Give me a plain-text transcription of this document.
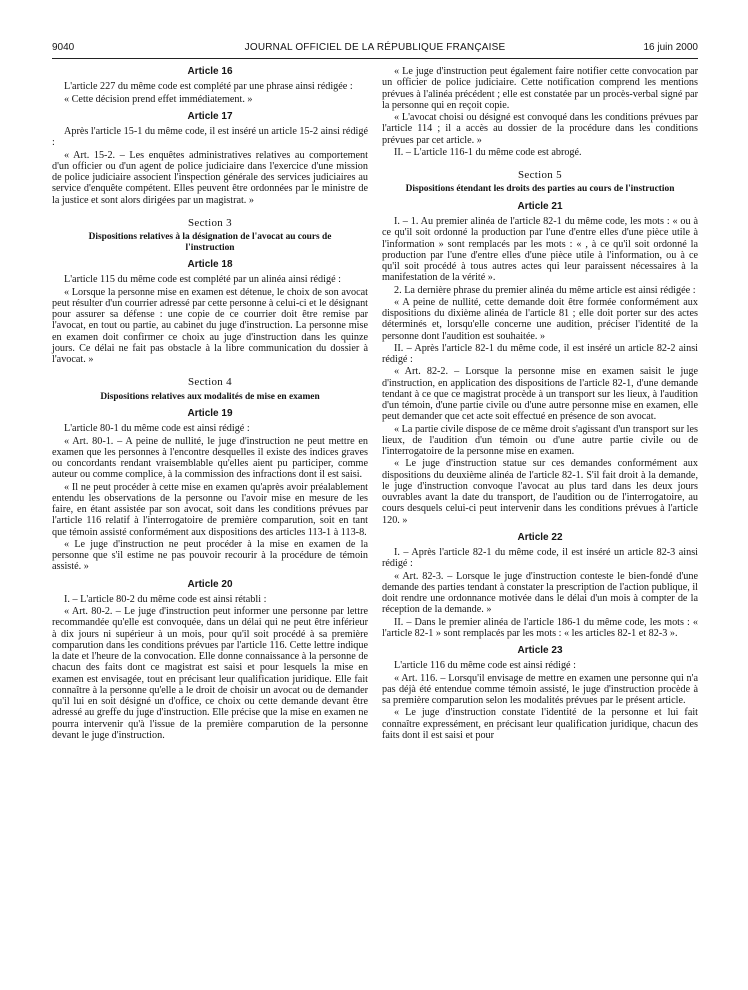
9040	JOURNAL OFFICIEL DE LA RÉPUBLIQUE FRANÇAISE	16 juin 2000
Article 16

L'article 227 du même code est complété par une phrase ainsi rédigée :

« Cette décision prend effet immédiatement. »

Article 17

Après l'article 15-1 du même code, il est inséré un article 15-2 ainsi rédigé :

« Art. 15-2. – Les enquêtes administratives relatives au comportement d'un officier ou d'un agent de police judiciaire dans l'exercice d'une mission de police judiciaire associent l'inspection générale des services judiciaires au service d'enquête compétent. Elles peuvent être ordonnées par le ministre de la justice et sont alors dirigées par un magistrat. »

Section 3
Dispositions relatives à la désignation de l'avocat au cours de l'instruction
Article 18

L'article 115 du même code est complété par un alinéa ainsi rédigé :

« Lorsque la personne mise en examen est détenue, le choix de son avocat peut résulter d'un courrier adressé par cette personne à celui-ci et le désignant pour assurer sa défense : une copie de ce courrier doit être remise par l'avocat, en tout ou partie, au cabinet du juge d'instruction. La personne mise en examen doit confirmer ce choix au juge d'instruction dans les quinze jours. Ce délai ne fait pas obstacle à la libre communication du dossier à l'avocat. »

Section 4
Dispositions relatives aux modalités de mise en examen
Article 19

L'article 80-1 du même code est ainsi rédigé :

« Art. 80-1. – A peine de nullité, le juge d'instruction ne peut mettre en examen que les personnes à l'encontre desquelles il existe des indices graves ou concordants rendant vraisemblable qu'elles aient pu participer, comme auteur ou comme complice, à la commission des infractions dont il est saisi.

« Il ne peut procéder à cette mise en examen qu'après avoir préalablement entendu les observations de la personne ou l'avoir mise en mesure de les faire, en étant assistée par son avocat, soit dans les conditions prévues par l'article 116 relatif à l'interrogatoire de première comparution, soit en tant que témoin assisté conformément aux dispositions des articles 113-1 à 113-8.

« Le juge d'instruction ne peut procéder à la mise en examen de la personne que s'il estime ne pas pouvoir recourir à la procédure de témoin assisté. »

Article 20

I. – L'article 80-2 du même code est ainsi rétabli :

« Art. 80-2. – Le juge d'instruction peut informer une personne par lettre recommandée qu'elle est convoquée, dans un délai qui ne peut être inférieur à dix jours ni supérieur à un mois, pour qu'il soit procédé à sa première comparution dans les conditions prévues par l'article 116. Cette lettre indique la date et l'heure de la convocation. Elle donne connaissance à la personne de chacun des faits dont ce magistrat est saisi et pour lesquels la mise en examen est envisagée, tout en précisant leur qualification juridique. Elle fait connaître à la personne qu'elle a le droit de choisir un avocat ou de demander qu'il lui en soit désigné un d'office, ce choix ou cette demande devant être adressé au greffe du juge d'instruction. Elle précise que la mise en examen ne pourra intervenir qu'à l'issue de la première comparution de la personne devant le juge d'instruction.

« Le juge d'instruction peut également faire notifier cette convocation par un officier de police judiciaire. Cette notification comprend les mentions prévues à l'alinéa précédent ; elle est constatée par un procès-verbal signé par la personne qui en reçoit copie.

« L'avocat choisi ou désigné est convoqué dans les conditions prévues par l'article 114 ; il a accès au dossier de la procédure dans les conditions prévues par cet article. »

II. – L'article 116-1 du même code est abrogé.

Section 5
Dispositions étendant les droits des parties au cours de l'instruction
Article 21

I. – 1. Au premier alinéa de l'article 82-1 du même code, les mots : « ou à ce qu'il soit ordonné la production par l'une d'entre elles d'une pièce utile à l'information » sont remplacés par les mots : « , à ce qu'il soit ordonné la production par l'une d'entre elles d'une pièce utile à l'information, ou à ce qu'il soit procédé à tous autres actes qui leur paraissent nécessaires à la manifestation de la vérité ».

2. La dernière phrase du premier alinéa du même article est ainsi rédigée :

« A peine de nullité, cette demande doit être formée conformément aux dispositions du dixième alinéa de l'article 81 ; elle doit porter sur des actes déterminés et, lorsqu'elle concerne une audition, préciser l'identité de la personne dont l'audition est souhaitée. »

II. – Après l'article 82-1 du même code, il est inséré un article 82-2 ainsi rédigé :

« Art. 82-2. – Lorsque la personne mise en examen saisit le juge d'instruction, en application des dispositions de l'article 82-1, d'une demande tendant à ce que ce magistrat procède à un transport sur les lieux, à l'audition d'un témoin, d'une partie civile ou d'une autre personne mise en examen, elle peut demander que cet acte soit effectué en présence de son avocat.

« La partie civile dispose de ce même droit s'agissant d'un transport sur les lieux, de l'audition d'un témoin ou d'une autre partie civile ou de l'interrogatoire de la personne mise en examen.

« Le juge d'instruction statue sur ces demandes conformément aux dispositions du deuxième alinéa de l'article 82-1. S'il fait droit à la demande, le juge d'instruction convoque l'avocat au plus tard dans les deux jours ouvrables avant la date du transport, de l'audition ou de l'interrogatoire, au cours desquels celui-ci peut intervenir dans les conditions prévues à l'article 120. »

Article 22

I. – Après l'article 82-1 du même code, il est inséré un article 82-3 ainsi rédigé :

« Art. 82-3. – Lorsque le juge d'instruction conteste le bien-fondé d'une demande des parties tendant à constater la prescription de l'action publique, il doit rendre une ordonnance motivée dans le délai d'un mois à compter de la réception de la demande. »

II. – Dans le premier alinéa de l'article 186-1 du même code, les mots : « l'article 82-1 » sont remplacés par les mots : « les articles 82-1 et 82-3 ».

Article 23

L'article 116 du même code est ainsi rédigé :

« Art. 116. – Lorsqu'il envisage de mettre en examen une personne qui n'a pas déjà été entendue comme témoin assisté, le juge d'instruction procède à sa première comparution selon les modalités prévues par le présent article.

« Le juge d'instruction constate l'identité de la personne et lui fait connaître expressément, en précisant leur qualification juridique, chacun des faits dont il est saisi et pour
